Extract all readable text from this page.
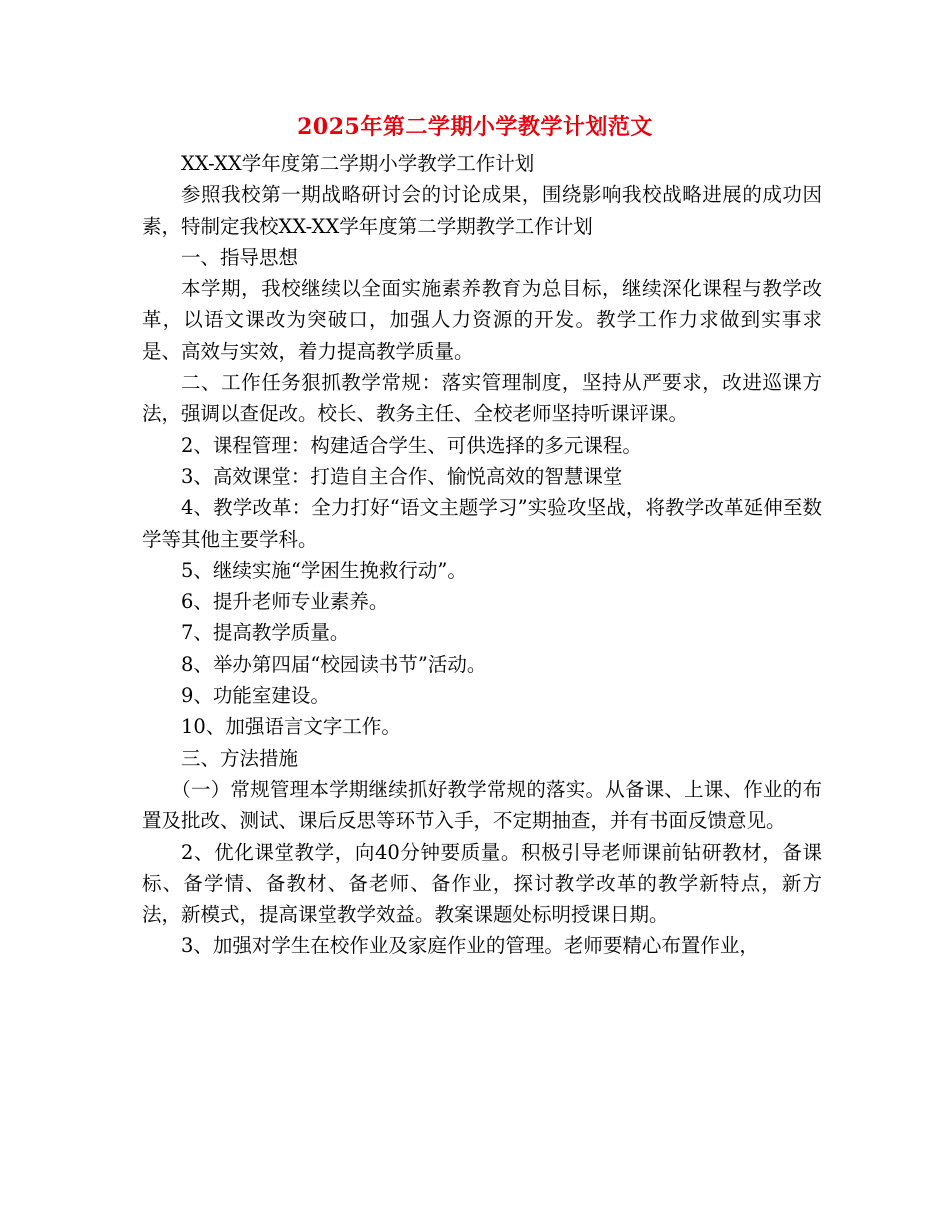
2025年第二学期小学教学计划范文

XX-XX学年度第二学期小学教学工作计划

参照我校第一期战略研讨会的讨论成果，围绕影响我校战略进展的成功因素，特制定我校XX-XX学年度第二学期教学工作计划

一、指导思想

本学期，我校继续以全面实施素养教育为总目标，继续深化课程与教学改革，以语文课改为突破口，加强人力资源的开发。教学工作力求做到实事求是、高效与实效，着力提高教学质量。

二、工作任务狠抓教学常规：落实管理制度，坚持从严要求，改进巡课方法，强调以查促改。校长、教务主任、全校老师坚持听课评课。

2、课程管理：构建适合学生、可供选择的多元课程。

3、高效课堂：打造自主合作、愉悦高效的智慧课堂

4、教学改革：全力打好“语文主题学习”实验攻坚战，将教学改革延伸至数学等其他主要学科。

5、继续实施“学困生挽救行动”。

6、提升老师专业素养。

7、提高教学质量。

8、举办第四届“校园读书节”活动。

9、功能室建设。

10、加强语言文字工作。

三、方法措施

（一）常规管理本学期继续抓好教学常规的落实。从备课、上课、作业的布置及批改、测试、课后反思等环节入手，不定期抽查，并有书面反馈意见。

2、优化课堂教学，向40分钟要质量。积极引导老师课前钻研教材，备课标、备学情、备教材、备老师、备作业，探讨教学改革的教学新特点，新方法，新模式，提高课堂教学效益。教案课题处标明授课日期。

3、加强对学生在校作业及家庭作业的管理。老师要精心布置作业，
